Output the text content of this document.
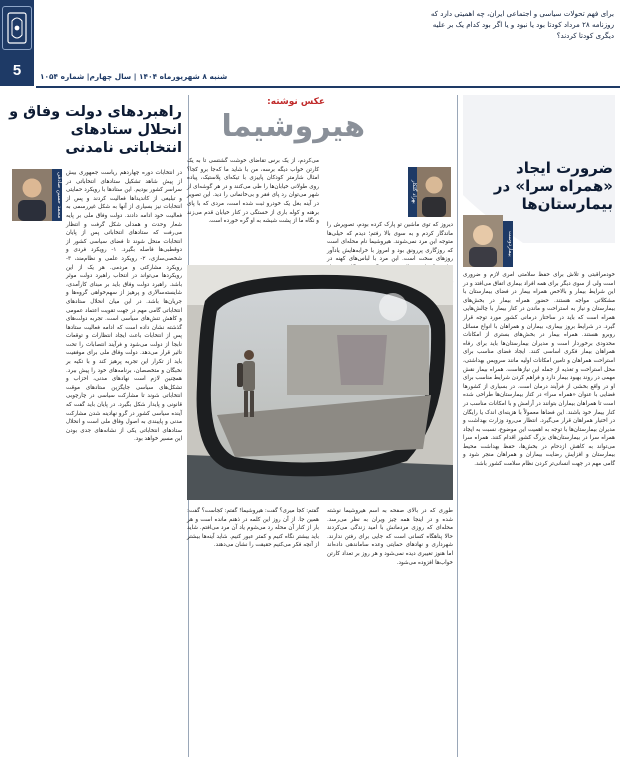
5	شنبه ۸ شهریورماه ۱۴۰۴ | سال چهارم| شماره ۱۰۵۴
برای فهم تحولات سیاسی و اجتماعی ایران، چه اهمیتی دارد که روزنامه ۲۸ مرداد کودتا بود یا نبود و یا اگر بود کدام یک بر علیه دیگری کودتا کردند؟
ضرورت ایجاد «همراه سرا» در بیمارستان‌ها
بیماردوست
خودمراقبتی و تلاش برای حفظ سلامتی امری لازم و ضروری است ولی از سوی دیگر برای همه افراد بیماری اتفاق می‌افتد و در این شرایط بیمار و بالاخص همراه بیمار در فضای بیمارستان با مشکلاتی مواجه هستند. حضور همراه بیمار در بخش‌های بیمارستان و نیاز به استراحت و ماندن در کنار بیمار با چالش‌هایی همراه است که باید در ساختار درمانی کشور مورد توجه قرار گیرد. در شرایط بروز بیماری، بیماران و همراهان با انواع مسائل روبرو هستند. همراه بیمار در بخش‌های بستری از امکانات محدودی برخوردار است و مدیران بیمارستان‌ها باید برای رفاه همراهان بیمار فکری اساسی کنند. ایجاد فضای مناسب برای استراحت همراهان و تامین امکانات اولیه مانند سرویس بهداشتی، محل استراحت و تغذیه از جمله این نیازهاست. همراه بیمار نقش مهمی در روند بهبود بیمار دارد و فراهم کردن شرایط مناسب برای او در واقع بخشی از فرآیند درمان است. در بسیاری از کشورها فضایی با عنوان «همراه سرا» در کنار بیمارستان‌ها طراحی شده است تا همراهان بیماران بتوانند در آرامش و با امکانات مناسب در کنار بیمار خود باشند. این فضاها معمولاً با هزینه‌ای اندک یا رایگان در اختیار همراهان قرار می‌گیرد. انتظار می‌رود وزارت بهداشت و مدیران بیمارستان‌ها با توجه به اهمیت این موضوع، نسبت به ایجاد همراه سرا در بیمارستان‌های بزرگ کشور اقدام کنند. همراه سرا می‌تواند به کاهش ازدحام در بخش‌ها، حفظ بهداشت محیط بیمارستان و افزایش رضایت بیماران و همراهان منجر شود و گامی مهم در جهت انسانی‌تر کردن نظام سلامت کشور باشد.
عکس نوشته:
هیروشیما
می‌کردم، از یک برس تقاضای خوشت گشتسی تا به یک کارتن خواب دیگه برسه، من با شاید ما که‌جا برو کجا؟ امثال شارمتر کودکان پاییزی با تیکه‌ای پلاستیک، پیاده روی طولانی خیابان‌ها را طی می‌کنند و در هر گوشه‌ای از شهر می‌توان رد پای فقر و بی‌خانمانی را دید. این تصویر در آینه بغل یک خودرو ثبت شده است، مردی که با پای برهنه و کوله باری از خستگی در کنار خیابان قدم می‌زند و نگاه ما از پشت شیشه به او گره خورده است.
بهزاد گلکار
دیروز که توی ماشین تو پارک کرده بودم، تصویرش را ماندگار کردم و به سوی بالا رفتم؛ دیدم که خیلی‌ها متوجه این مرد نمی‌شوند. هیروشیما نام محله‌ای است که روزگاری پررونق بود و امروز با خرابه‌هایش یادآور روزهای سخت است. این مرد با لباس‌های کهنه در
طوری که در بالای صفحه به اسم هیروشیما نوشته شده و در اینجا همه چیز ویران به نظر می‌رسد. محله‌ای که روزی مردمانش با امید زندگی می‌کردند حالا پناهگاه کسانی است که جایی برای رفتن ندارند. شهرداری و نهادهای حمایتی وعده ساماندهی داده‌اند اما هنوز تغییری دیده نمی‌شود و هر روز بر تعداد کارتن خواب‌ها افزوده می‌شود.
گفتم: کجا میری؟ گفت: هیروشیما! گفتم: کجاست؟ گفت: همین جا. از آن روز این کلمه در ذهنم مانده است و هر بار از کنار آن محله رد می‌شوم یاد آن مرد می‌افتم. شاید باید بیشتر نگاه کنیم و کمتر عبور کنیم. شاید آینه‌ها بیشتر از آنچه فکر می‌کنیم حقیقت را نشان می‌دهند.
راهبردهای دولت وفاق و انحلال ستادهای انتخاباتی نامدنی
محمد حسین صادقی در انتخابات دوره چهاردهم ریاست جمهوری بیش از پیش شاهد تشکیل ستادهای انتخاباتی در سراسر کشور بودیم. این ستادها با رویکرد حمایتی و تبلیغی از کاندیداها فعالیت کردند و پس از انتخابات نیز بسیاری از آنها به شکل غیررسمی به فعالیت خود ادامه دادند. دولت وفاق ملی بر پایه شعار وحدت و همدلی شکل گرفت و انتظار می‌رفت که ستادهای انتخاباتی پس از پایان انتخابات منحل شوند تا فضای سیاسی کشور از دوقطبی‌ها فاصله بگیرد. ۱- رویکرد فردی و شخصی‌سازی، ۲- رویکرد علمی و نظام‌مند، ۳- رویکرد مشارکتی و مردمی. هر یک از این رویکردها می‌تواند در انتخاب راهبرد دولت موثر باشد. راهبرد دولت وفاق باید بر مبنای کارآمدی، شایسته‌سالاری و پرهیز از سهم‌خواهی گروه‌ها و جریان‌ها باشد. در این میان انحلال ستادهای انتخاباتی گامی مهم در جهت تقویت اعتماد عمومی و کاهش تنش‌های سیاسی است. تجربه دولت‌های گذشته نشان داده است که ادامه فعالیت ستادها پس از انتخابات باعث ایجاد انتظارات و توقعات نابجا از دولت می‌شود و فرآیند انتصابات را تحت تاثیر قرار می‌دهد. دولت وفاق ملی برای موفقیت باید از تکرار این تجربه پرهیز کند و با تکیه بر نخبگان و متخصصان، برنامه‌های خود را پیش ببرد. همچنین لازم است نهادهای مدنی، احزاب و تشکل‌های سیاسی جایگزین ستادهای موقت انتخاباتی شوند تا مشارکت سیاسی در چارچوبی قانونی و پایدار شکل بگیرد. در پایان باید گفت که آینده سیاسی کشور در گرو نهادینه شدن مشارکت مدنی و پایبندی به اصول وفاق ملی است و انحلال ستادهای انتخاباتی یکی از نشانه‌های جدی بودن این مسیر خواهد بود.
